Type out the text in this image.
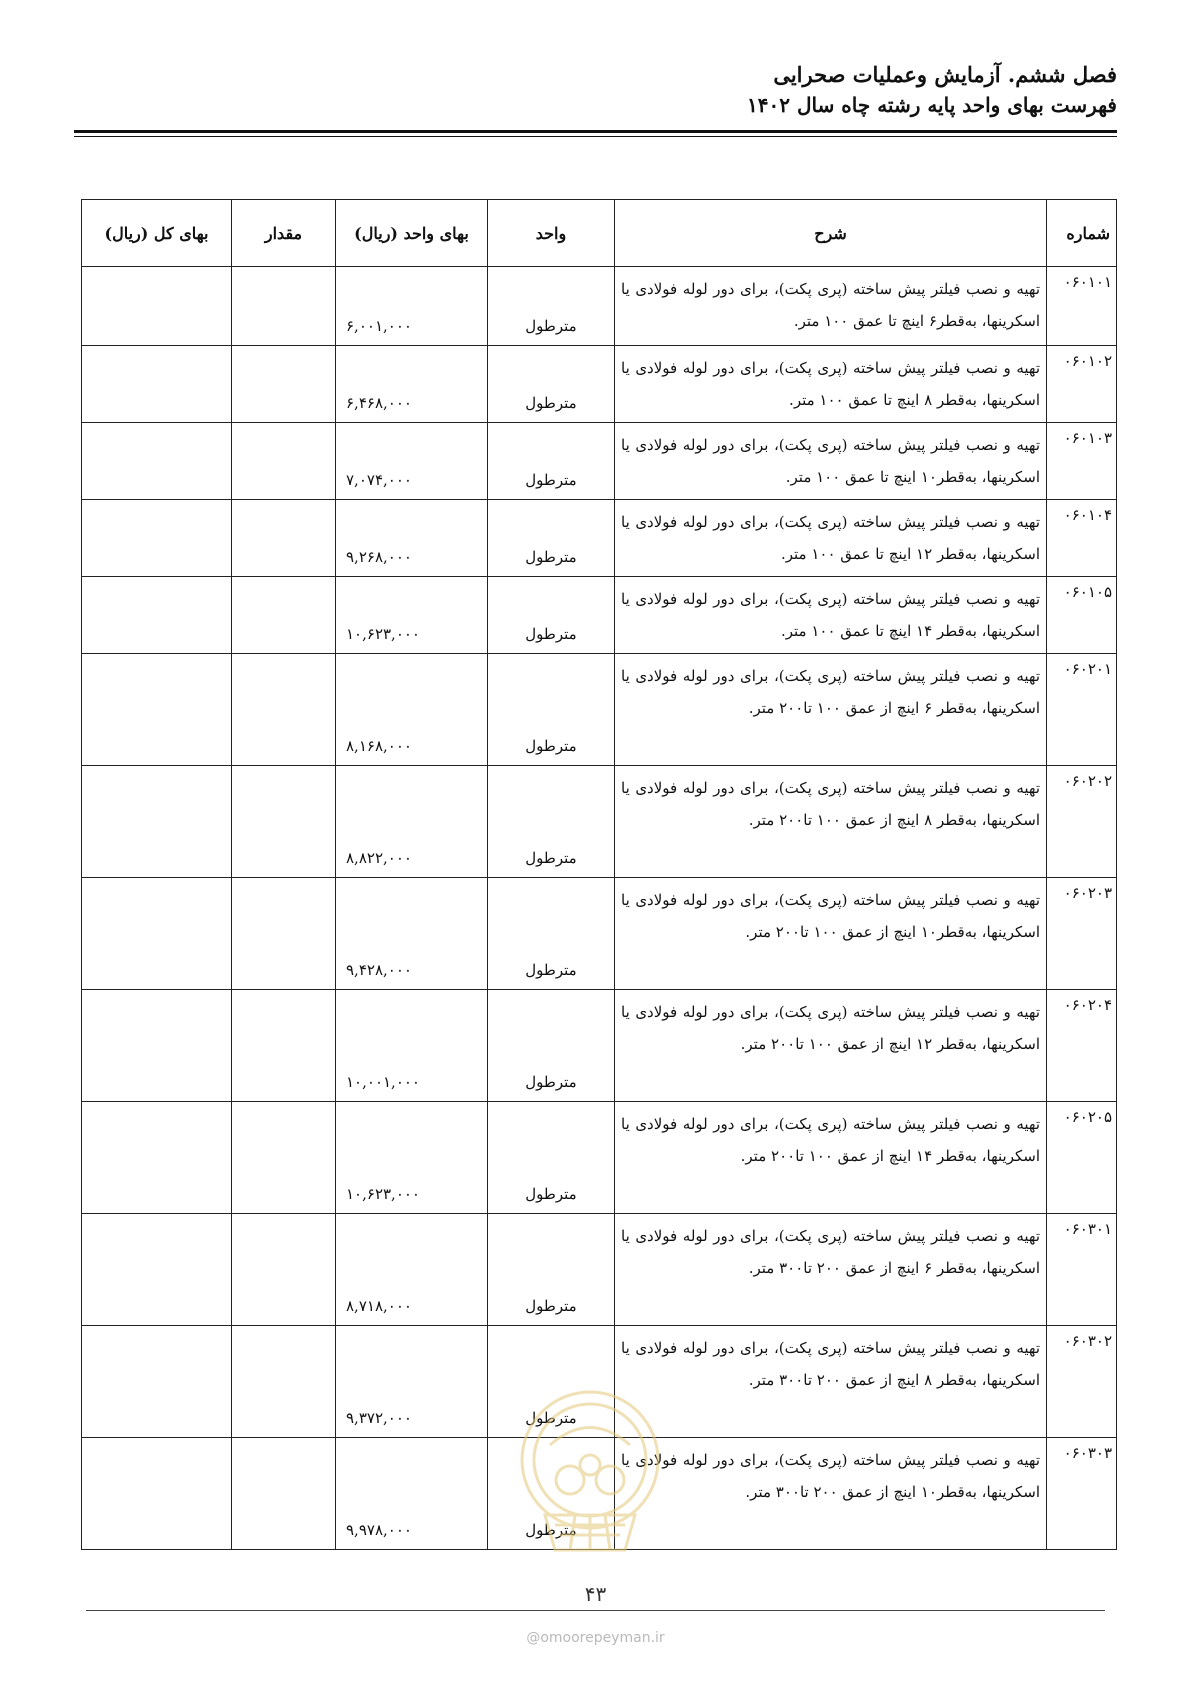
فصل ششم. آزمایش وعملیات صحرایی
فهرست بهای واحد پایه رشته چاه سال ۱۴۰۲
شماره	شرح	واحد	بهای واحد (ریال)	مقدار	بهای کل (ریال)
۰۶۰۱۰۱	تهیه و نصب فیلتر پیش ساخته (پری پکت)، برای دور لوله فولادی یا اسکرینها، به‌قطر۶ اینچ تا عمق ۱۰۰ متر.	مترطول	۶,۰۰۱,۰۰۰		
۰۶۰۱۰۲	تهیه و نصب فیلتر پیش ساخته (پری پکت)، برای دور لوله فولادی یا اسکرینها، به‌قطر ۸ اینچ تا عمق ۱۰۰ متر.	مترطول	۶,۴۶۸,۰۰۰		
۰۶۰۱۰۳	تهیه و نصب فیلتر پیش ساخته (پری پکت)، برای دور لوله فولادی یا اسکرینها، به‌قطر۱۰ اینچ تا عمق ۱۰۰ متر.	مترطول	۷,۰۷۴,۰۰۰		
۰۶۰۱۰۴	تهیه و نصب فیلتر پیش ساخته (پری پکت)، برای دور لوله فولادی یا اسکرینها، به‌قطر ۱۲ اینچ تا عمق ۱۰۰ متر.	مترطول	۹,۲۶۸,۰۰۰		
۰۶۰۱۰۵	تهیه و نصب فیلتر پیش ساخته (پری پکت)، برای دور لوله فولادی یا اسکرینها، به‌قطر ۱۴ اینچ تا عمق ۱۰۰ متر.	مترطول	۱۰,۶۲۳,۰۰۰		
۰۶۰۲۰۱	تهیه و نصب فیلتر پیش ساخته (پری پکت)، برای دور لوله فولادی یا اسکرینها، به‌قطر ۶ اینچ از عمق ۱۰۰ تا۲۰۰ متر.	مترطول	۸,۱۶۸,۰۰۰		
۰۶۰۲۰۲	تهیه و نصب فیلتر پیش ساخته (پری پکت)، برای دور لوله فولادی یا اسکرینها، به‌قطر ۸ اینچ از عمق ۱۰۰ تا۲۰۰ متر.	مترطول	۸,۸۲۲,۰۰۰		
۰۶۰۲۰۳	تهیه و نصب فیلتر پیش ساخته (پری پکت)، برای دور لوله فولادی یا اسکرینها، به‌قطر۱۰ اینچ از عمق ۱۰۰ تا۲۰۰ متر.	مترطول	۹,۴۲۸,۰۰۰		
۰۶۰۲۰۴	تهیه و نصب فیلتر پیش ساخته (پری پکت)، برای دور لوله فولادی یا اسکرینها، به‌قطر ۱۲ اینچ از عمق ۱۰۰ تا۲۰۰ متر.	مترطول	۱۰,۰۰۱,۰۰۰		
۰۶۰۲۰۵	تهیه و نصب فیلتر پیش ساخته (پری پکت)، برای دور لوله فولادی یا اسکرینها، به‌قطر ۱۴ اینچ از عمق ۱۰۰ تا۲۰۰ متر.	مترطول	۱۰,۶۲۳,۰۰۰		
۰۶۰۳۰۱	تهیه و نصب فیلتر پیش ساخته (پری پکت)، برای دور لوله فولادی یا اسکرینها، به‌قطر ۶ اینچ از عمق ۲۰۰ تا۳۰۰ متر.	مترطول	۸,۷۱۸,۰۰۰		
۰۶۰۳۰۲	تهیه و نصب فیلتر پیش ساخته (پری پکت)، برای دور لوله فولادی یا اسکرینها، به‌قطر ۸ اینچ از عمق ۲۰۰ تا۳۰۰ متر.	مترطول	۹,۳۷۲,۰۰۰		
۰۶۰۳۰۳	تهیه و نصب فیلتر پیش ساخته (پری پکت)، برای دور لوله فولادی یا اسکرینها، به‌قطر۱۰ اینچ از عمق ۲۰۰ تا۳۰۰ متر.	مترطول	۹,۹۷۸,۰۰۰		
۴۳
@omoorepeyman.ir
